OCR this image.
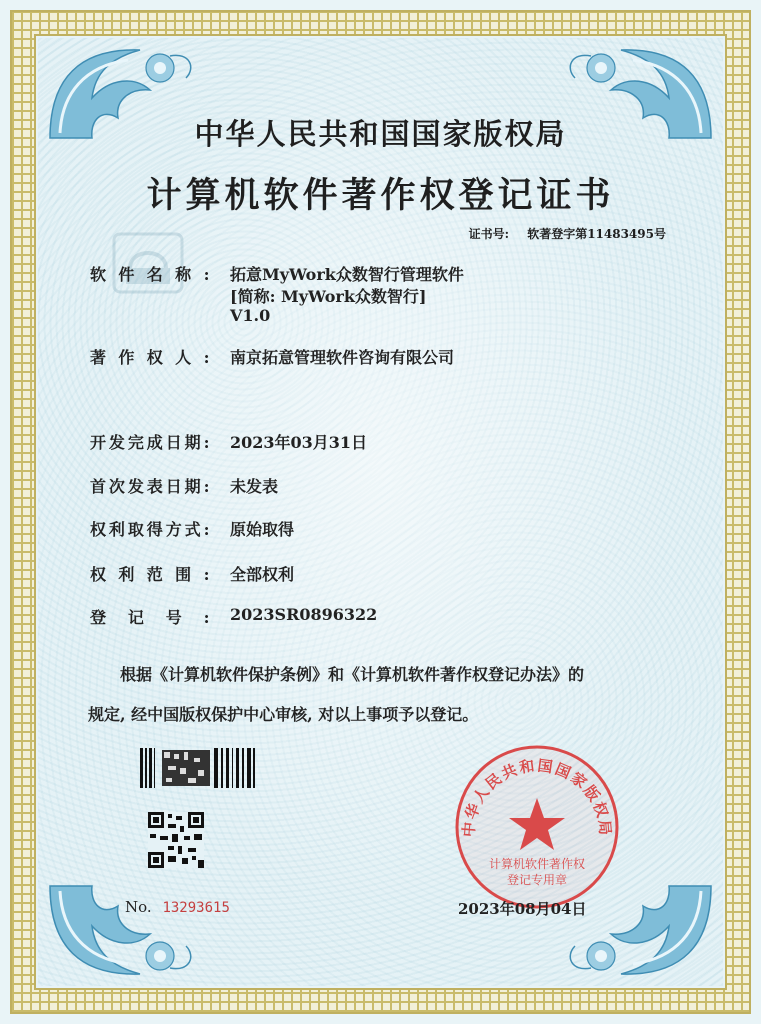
中华人民共和国国家版权局
计算机软件著作权登记证书
证书号: 软著登字第11483495号
软件名称: 拓意MyWork众数智行管理软件
[简称: MyWork众数智行]
V1.0
著作权人: 南京拓意管理软件咨询有限公司
开发完成日期: 2023年03月31日
首次发表日期: 未发表
权利取得方式: 原始取得
权利范围: 全部权利
登记号: 2023SR0896322
根据《计算机软件保护条例》和《计算机软件著作权登记办法》的
规定, 经中国版权保护中心审核, 对以上事项予以登记。
No. 13293615
中华人民共和国国家版权局
计算机软件著作权
登记专用章
2023年08月04日
